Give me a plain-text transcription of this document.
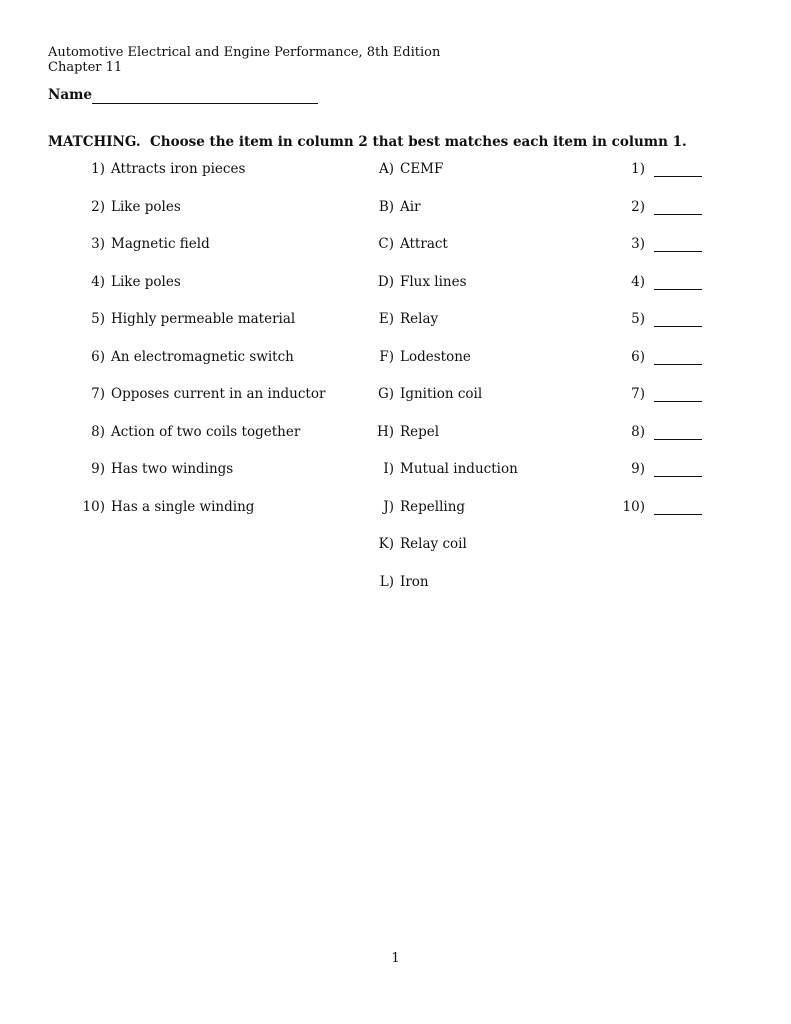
Automotive Electrical and Engine Performance, 8th Edition
Chapter 11
Name
MATCHING.  Choose the item in column 2 that best matches each item in column 1.
1) Attracts iron pieces	A) CEMF	1)
2) Like poles	B) Air	2)
3) Magnetic field	C) Attract	3)
4) Like poles	D) Flux lines	4)
5) Highly permeable material	E) Relay	5)
6) An electromagnetic switch	F) Lodestone	6)
7) Opposes current in an inductor	G) Ignition coil	7)
8) Action of two coils together	H) Repel	8)
9) Has two windings	I) Mutual induction	9)
10) Has a single winding	J) Repelling	10)
K) Relay coil
L) Iron
1
